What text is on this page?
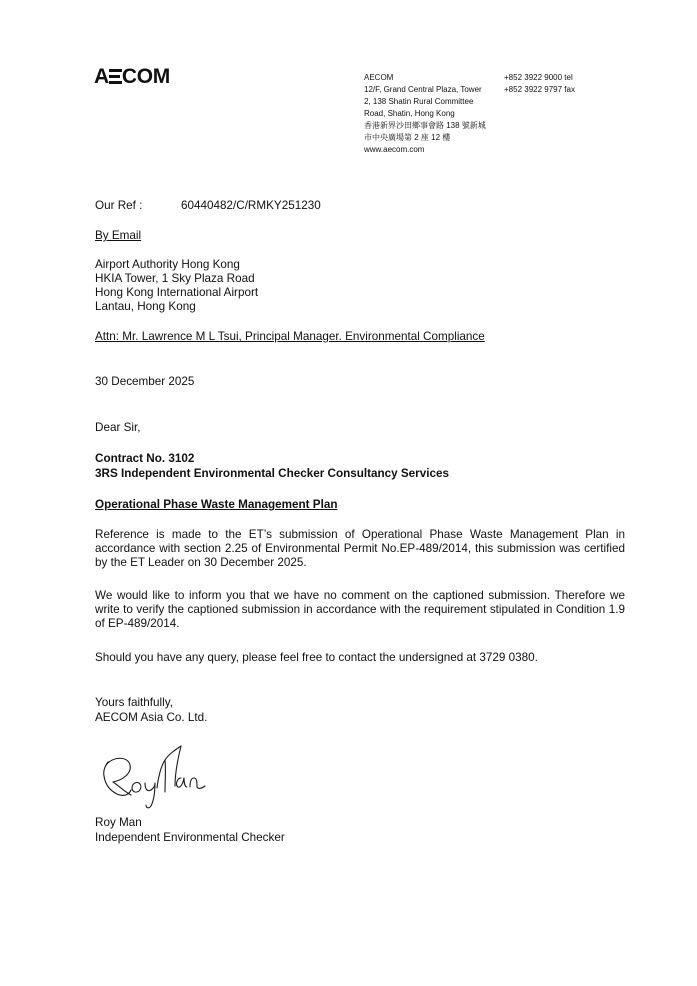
A COM	AECOM
12/F, Grand Central Plaza, Tower
2, 138 Shatin Rural Committee
Road, Shatin, Hong Kong
香港新界沙田鄉事會路 138 號新城
市中央廣場第 2 座 12 樓
www.aecom.com
+852 3922 9000 tel
+852 3922 9797 fax
Our Ref :	60440482/C/RMKY251230
By Email
Airport Authority Hong Kong
HKIA Tower, 1 Sky Plaza Road
Hong Kong International Airport
Lantau, Hong Kong
Attn: Mr. Lawrence M L Tsui, Principal Manager. Environmental Compliance
30 December 2025
Dear Sir,
Contract No. 3102
3RS Independent Environmental Checker Consultancy Services
Operational Phase Waste Management Plan
Reference is made to the ET’s submission of Operational Phase Waste Management Plan in accordance with section 2.25 of Environmental Permit No.EP-489/2014, this submission was certified by the ET Leader on 30 December 2025.
We would like to inform you that we have no comment on the captioned submission. Therefore we write to verify the captioned submission in accordance with the requirement stipulated in Condition 1.9 of EP-489/2014.
Should you have any query, please feel free to contact the undersigned at 3729 0380.
Yours faithfully,
AECOM Asia Co. Ltd.
Roy Man
Independent Environmental Checker
